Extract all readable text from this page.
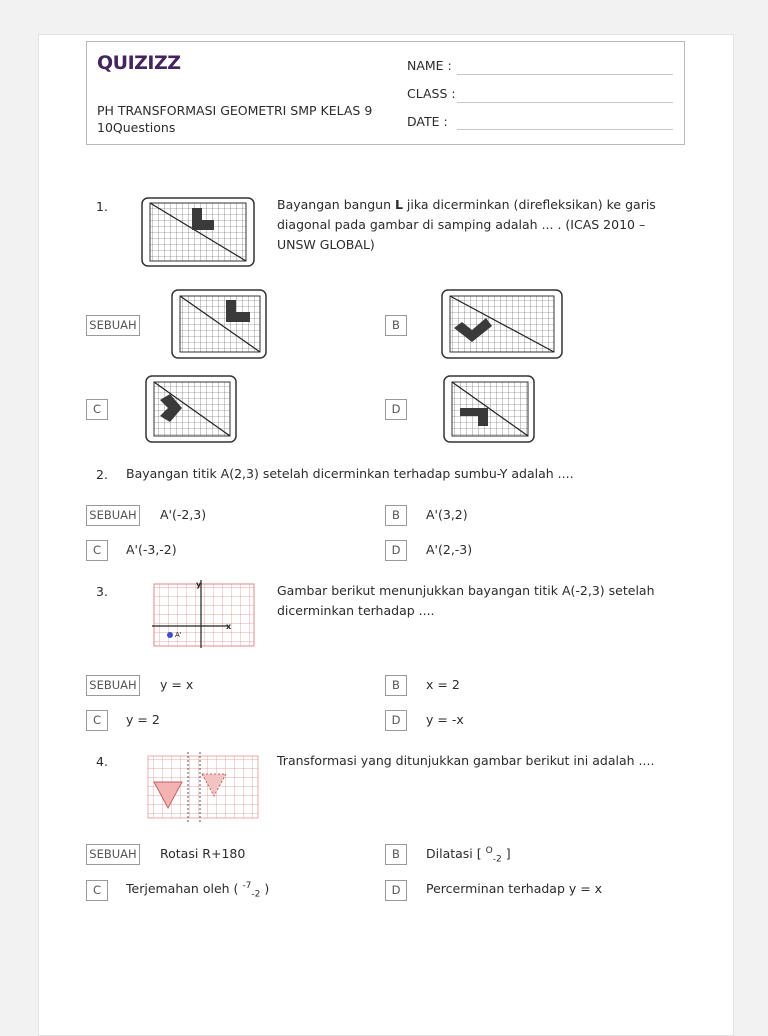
QUIZIZZ
PH TRANSFORMASI GEOMETRI SMP KELAS 9
10Questions
NAME :
CLASS :
DATE :
1.	Bayangan bangun L jika dicerminkan (direfleksikan) ke garis diagonal pada gambar di samping adalah ... . (ICAS 2010 – UNSW GLOBAL)
SEBUAH	B
C	D
2. Bayangan titik A(2,3) setelah dicerminkan terhadap sumbu-Y adalah ....
SEBUAH A'(-2,3)	B	A'(3,2)
C	A'(-3,-2)	D	A'(2,-3)
3.	y
x
A'
Gambar berikut menunjukkan bayangan titik A(-2,3) setelah dicerminkan terhadap ....
SEBUAH y = x	B	x = 2
C	y = 2	D	y = -x
4.	Transformasi yang ditunjukkan gambar berikut ini adalah ....
SEBUAH Rotasi R+180	B	Dilatasi [ $^O_{-2}$ ]
C	Terjemahan oleh ( $^{-7}_{-2}$ )	D	Percerminan terhadap y = x
